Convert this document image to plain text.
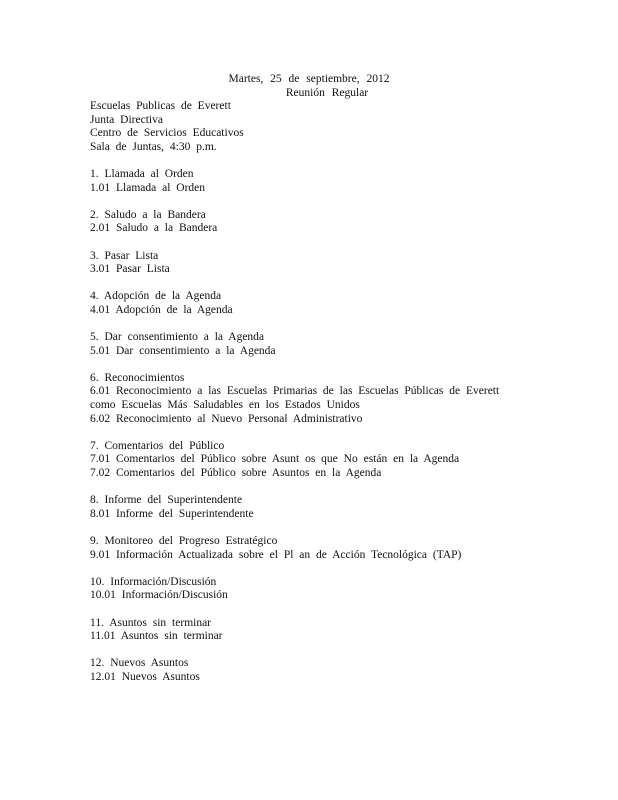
Martes, 25 de septiembre, 2012
Reunión Regular
Escuelas Publicas de Everett
Junta Directiva
Centro de Servicios Educativos
Sala de Juntas, 4:30 p.m.
1. Llamada al Orden
1.01 Llamada al Orden
2. Saludo a la Bandera
2.01 Saludo a la Bandera
3. Pasar Lista
3.01 Pasar Lista
4. Adopción de la Agenda
4.01 Adopción de la Agenda
5. Dar consentimiento a la Agenda
5.01 Dar consentimiento a la Agenda
6. Reconocimientos
6.01 Reconocimiento a las Escuelas Primarias de las Escuelas Públicas de Everett como Escuelas Más Saludables en los Estados Unidos
6.02 Reconocimiento al Nuevo Personal Administrativo
7. Comentarios del Público
7.01 Comentarios del Público sobre Asunt os que No están en la Agenda
7.02 Comentarios del Público sobre Asuntos en la Agenda
8. Informe del Superintendente
8.01 Informe del Superintendente
9. Monitoreo del Progreso Estratégico
9.01 Información Actualizada sobre el Pl an de Acción Tecnológica (TAP)
10. Información/Discusión
10.01 Información/Discusión
11. Asuntos sin terminar
11.01 Asuntos sin terminar
12. Nuevos Asuntos
12.01 Nuevos Asuntos
